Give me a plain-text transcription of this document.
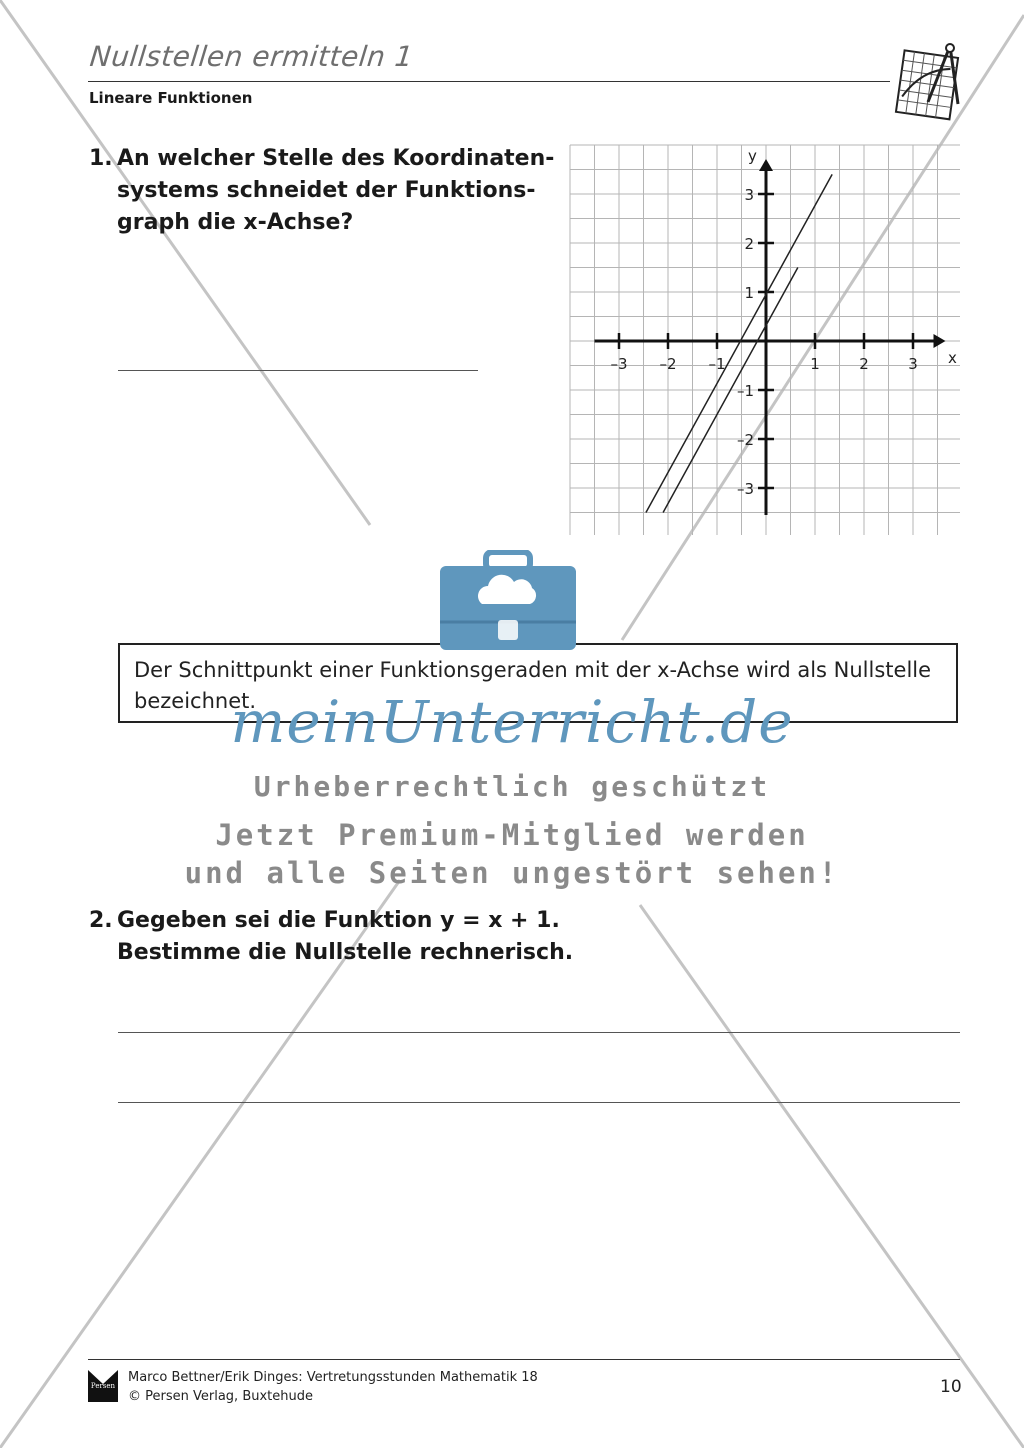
Nullstellen ermitteln 1
Lineare Funktionen
1. An welcher Stelle des Koordinaten-
systems schneidet der Funktions-
graph die x-Achse?
x
y
–3 –2 –1	1	2	3
3
2
1
–1
–2
–3
Der Schnittpunkt einer Funktionsgeraden mit der x-Achse wird als Nullstelle
bezeichnet.
meinUnterricht.de
Urheberrechtlich geschützt
Jetzt Premium-Mitglied werden
und alle Seiten ungestört sehen!
2. Gegeben sei die Funktion y = x + 1.
Bestimme die Nullstelle rechnerisch.
Persen
Marco Bettner/Erik Dinges: Vertretungsstunden Mathematik 18
© Persen Verlag, Buxtehude	10
